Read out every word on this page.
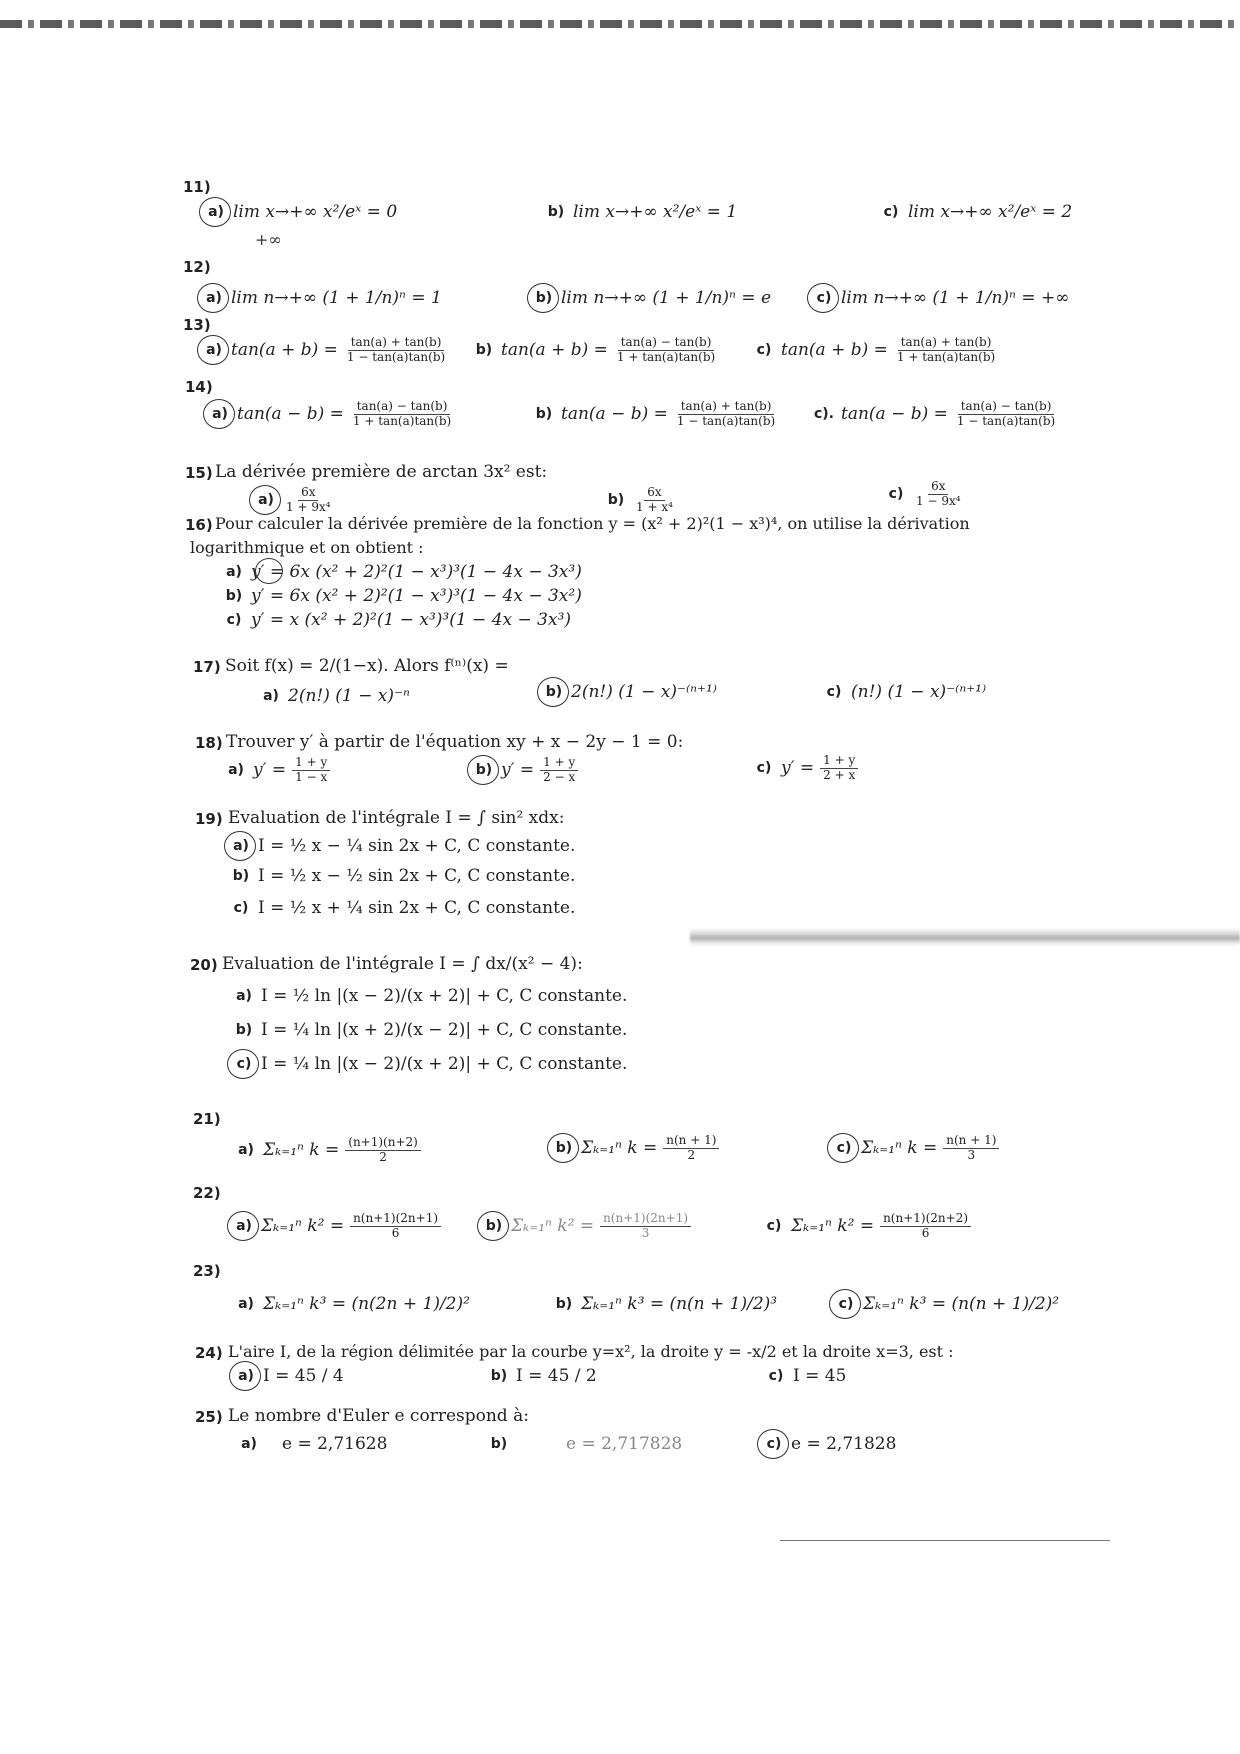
11)
a) lim x→+∞ x²/eˣ = 0
+∞
b) lim x→+∞ x²/eˣ = 1	c) lim x→+∞ x²/eˣ = 2
12)
a) lim n→+∞ (1 + 1/n)ⁿ = 1	b) lim n→+∞ (1 + 1/n)ⁿ = e	c) lim n→+∞ (1 + 1/n)ⁿ = +∞
13)
a) $\tan(a + b) = \frac{\tan(a) + \tan(b)}{1 - \tan(a)\tan(b)} b$) $\tan(a + b) = \frac{\tan(a) - \tan(b)}{1 + \tan(a)\tan(b)}$	c) $\tan(a + b) = \frac{\tan(a) + \tan(b)}{1 + \tan(a)\tan(b)}$
14)
a) $\tan(a - b) = \frac{\tan(a) - \tan(b)}{1 + \tan(a)\tan(b)}$	b) $\tan(a - b) = \frac{\tan(a) + \tan(b)}{1 - \tan(a)\tan(b)}$	c). $\tan(a - b) = \frac{\tan(a) - \tan(b)}{1 - \tan(a)\tan(b)}$
15) La dérivée première de arctan 3x² est:
$a) \frac{6x}{\text{1 + 9x⁴}}$	$b) \frac{6x}{\text{1 + x⁴}}$	$c) \frac{6x}{\text{1 − 9x⁴}}$
16) Pour calculer la dérivée première de la fonction y = (x² + 2)²(1 − x³)⁴, on utilise la dérivation
logarithmique et on obtient :
a) y′ = 6x (x² + 2)²(1 − x³)³(1 − 4x − 3x³)
b) y′ = 6x (x² + 2)²(1 − x³)³(1 − 4x − 3x²)
c) y′ = x (x² + 2)²(1 − x³)³(1 − 4x − 3x³)
17) Soit f(x) = 2/(1−x). Alors f⁽ⁿ⁾(x) =
a) 2(n!) (1 − x)⁻ⁿ	b) 2(n!) (1 − x)⁻⁽ⁿ⁺¹⁾	c) (n!) (1 − x)⁻⁽ⁿ⁺¹⁾
18) Trouver y′ à partir de l'équation xy + x − 2y − 1 = 0:
a) $y' = \frac{1 + y}{1 - x}$	b) $y' = \frac{1 + y}{2 - x}$	c) $y' = \frac{1 + y}{2 + x}$
19) Evaluation de l'intégrale I = ∫ sin² xdx:
a) I = ½ x − ¼ sin 2x + C, C constante.
b) I = ½ x − ½ sin 2x + C, C constante.
c) I = ½ x + ¼ sin 2x + C, C constante.
20) Evaluation de l'intégrale I = ∫ dx/(x² − 4):
a) I = ½ ln |(x − 2)/(x + 2)| + C, C constante.
b) I = ¼ ln |(x + 2)/(x − 2)| + C, C constante.
c) I = ¼ ln |(x − 2)/(x + 2)| + C, C constante.
21)
a) Σₖ₌₁ⁿ $k = \frac{(n+1)(n+2)}{2}$	b) Σₖ₌₁ⁿ $k = \frac{n(n + 1)}{2}$	c) Σₖ₌₁ⁿ $k = \frac{n(n + 1)}{3}$
22)
a) Σₖ₌₁ⁿ $k^2 = \frac{n(n+1)(2n+1)}{6}$	b) Σₖ₌₁ⁿ $k^2 = \frac{n(n+1)(2n+1)}{3}$	c) Σₖ₌₁ⁿ $k^2 = \frac{n(n+1)(2n+2)}{6}$
23)
a) Σₖ₌₁ⁿ k³ = (n(2n + 1)/2)²	b) Σₖ₌₁ⁿ k³ = (n(n + 1)/2)³	c) Σₖ₌₁ⁿ k³ = (n(n + 1)/2)²
24) L'aire I, de la région délimitée par la courbe y=x², la droite y = -x/2 et la droite x=3, est :
a) I = 45 / 4	b) I = 45 / 2	c) I = 45
25) Le nombre d'Euler e correspond à:
a) e = 2,71628	b)	e = 2,717828	c) e = 2,71828
